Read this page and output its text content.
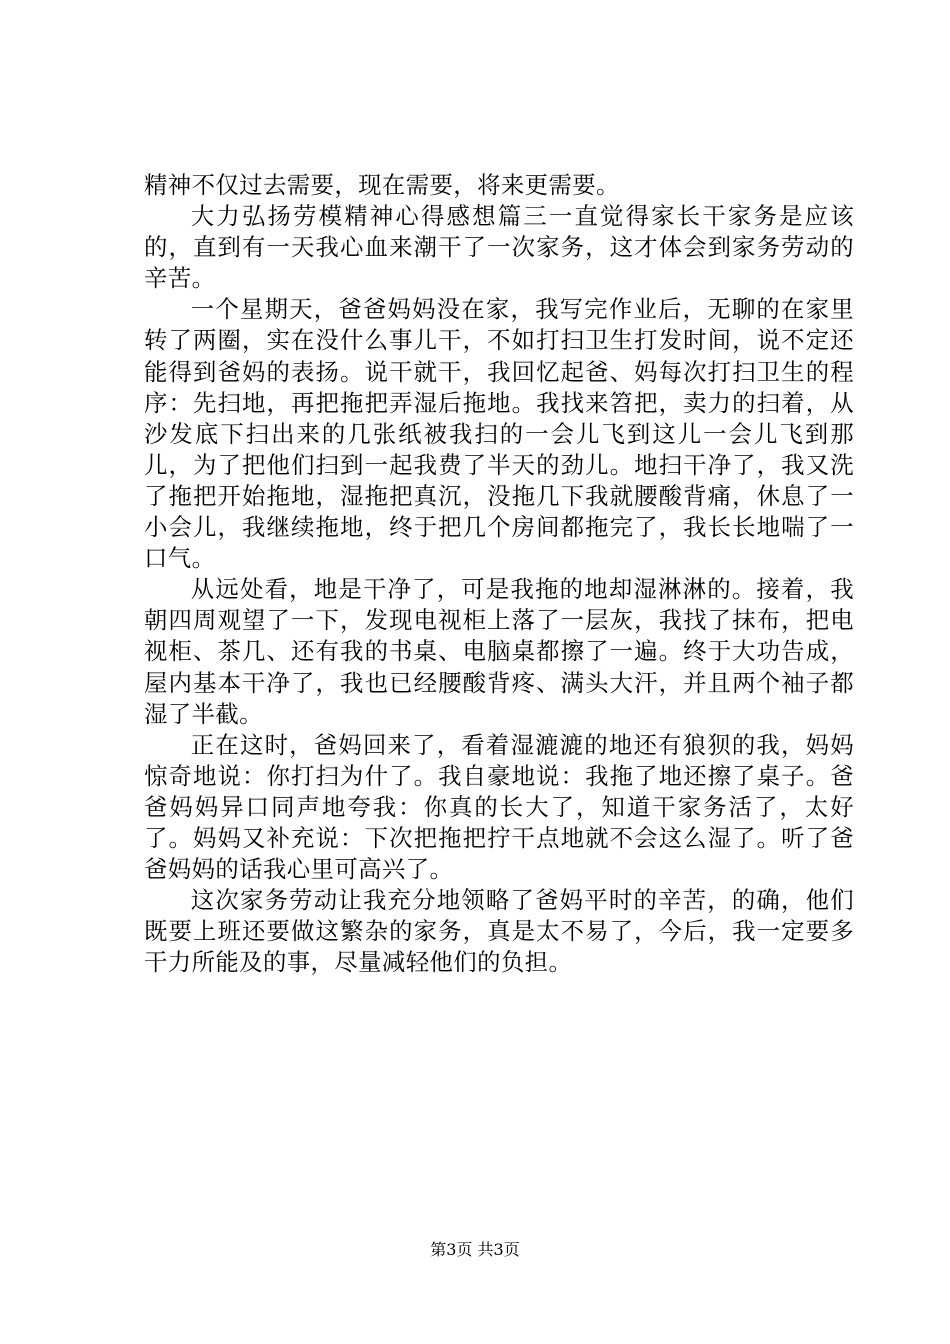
精神不仅过去需要，现在需要，将来更需要。

大力弘扬劳模精神心得感想篇三一直觉得家长干家务是应该的，直到有一天我心血来潮干了一次家务，这才体会到家务劳动的辛苦。

一个星期天，爸爸妈妈没在家，我写完作业后，无聊的在家里转了两圈，实在没什么事儿干，不如打扫卫生打发时间，说不定还能得到爸妈的表扬。说干就干，我回忆起爸、妈每次打扫卫生的程序：先扫地，再把拖把弄湿后拖地。我找来笤把，卖力的扫着，从沙发底下扫出来的几张纸被我扫的一会儿飞到这儿一会儿飞到那儿，为了把他们扫到一起我费了半天的劲儿。地扫干净了，我又洗了拖把开始拖地，湿拖把真沉，没拖几下我就腰酸背痛，休息了一小会儿，我继续拖地，终于把几个房间都拖完了，我长长地喘了一口气。

从远处看，地是干净了，可是我拖的地却湿淋淋的。接着，我朝四周观望了一下，发现电视柜上落了一层灰，我找了抹布，把电视柜、茶几、还有我的书桌、电脑桌都擦了一遍。终于大功告成，屋内基本干净了，我也已经腰酸背疼、满头大汗，并且两个袖子都湿了半截。

正在这时，爸妈回来了，看着湿漉漉的地还有狼狈的我，妈妈惊奇地说：你打扫为什了。我自豪地说：我拖了地还擦了桌子。爸爸妈妈异口同声地夸我：你真的长大了，知道干家务活了，太好了。妈妈又补充说：下次把拖把拧干点地就不会这么湿了。听了爸爸妈妈的话我心里可高兴了。

这次家务劳动让我充分地领略了爸妈平时的辛苦，的确，他们既要上班还要做这繁杂的家务，真是太不易了，今后，我一定要多干力所能及的事，尽量减轻他们的负担。

第3页 共3页
